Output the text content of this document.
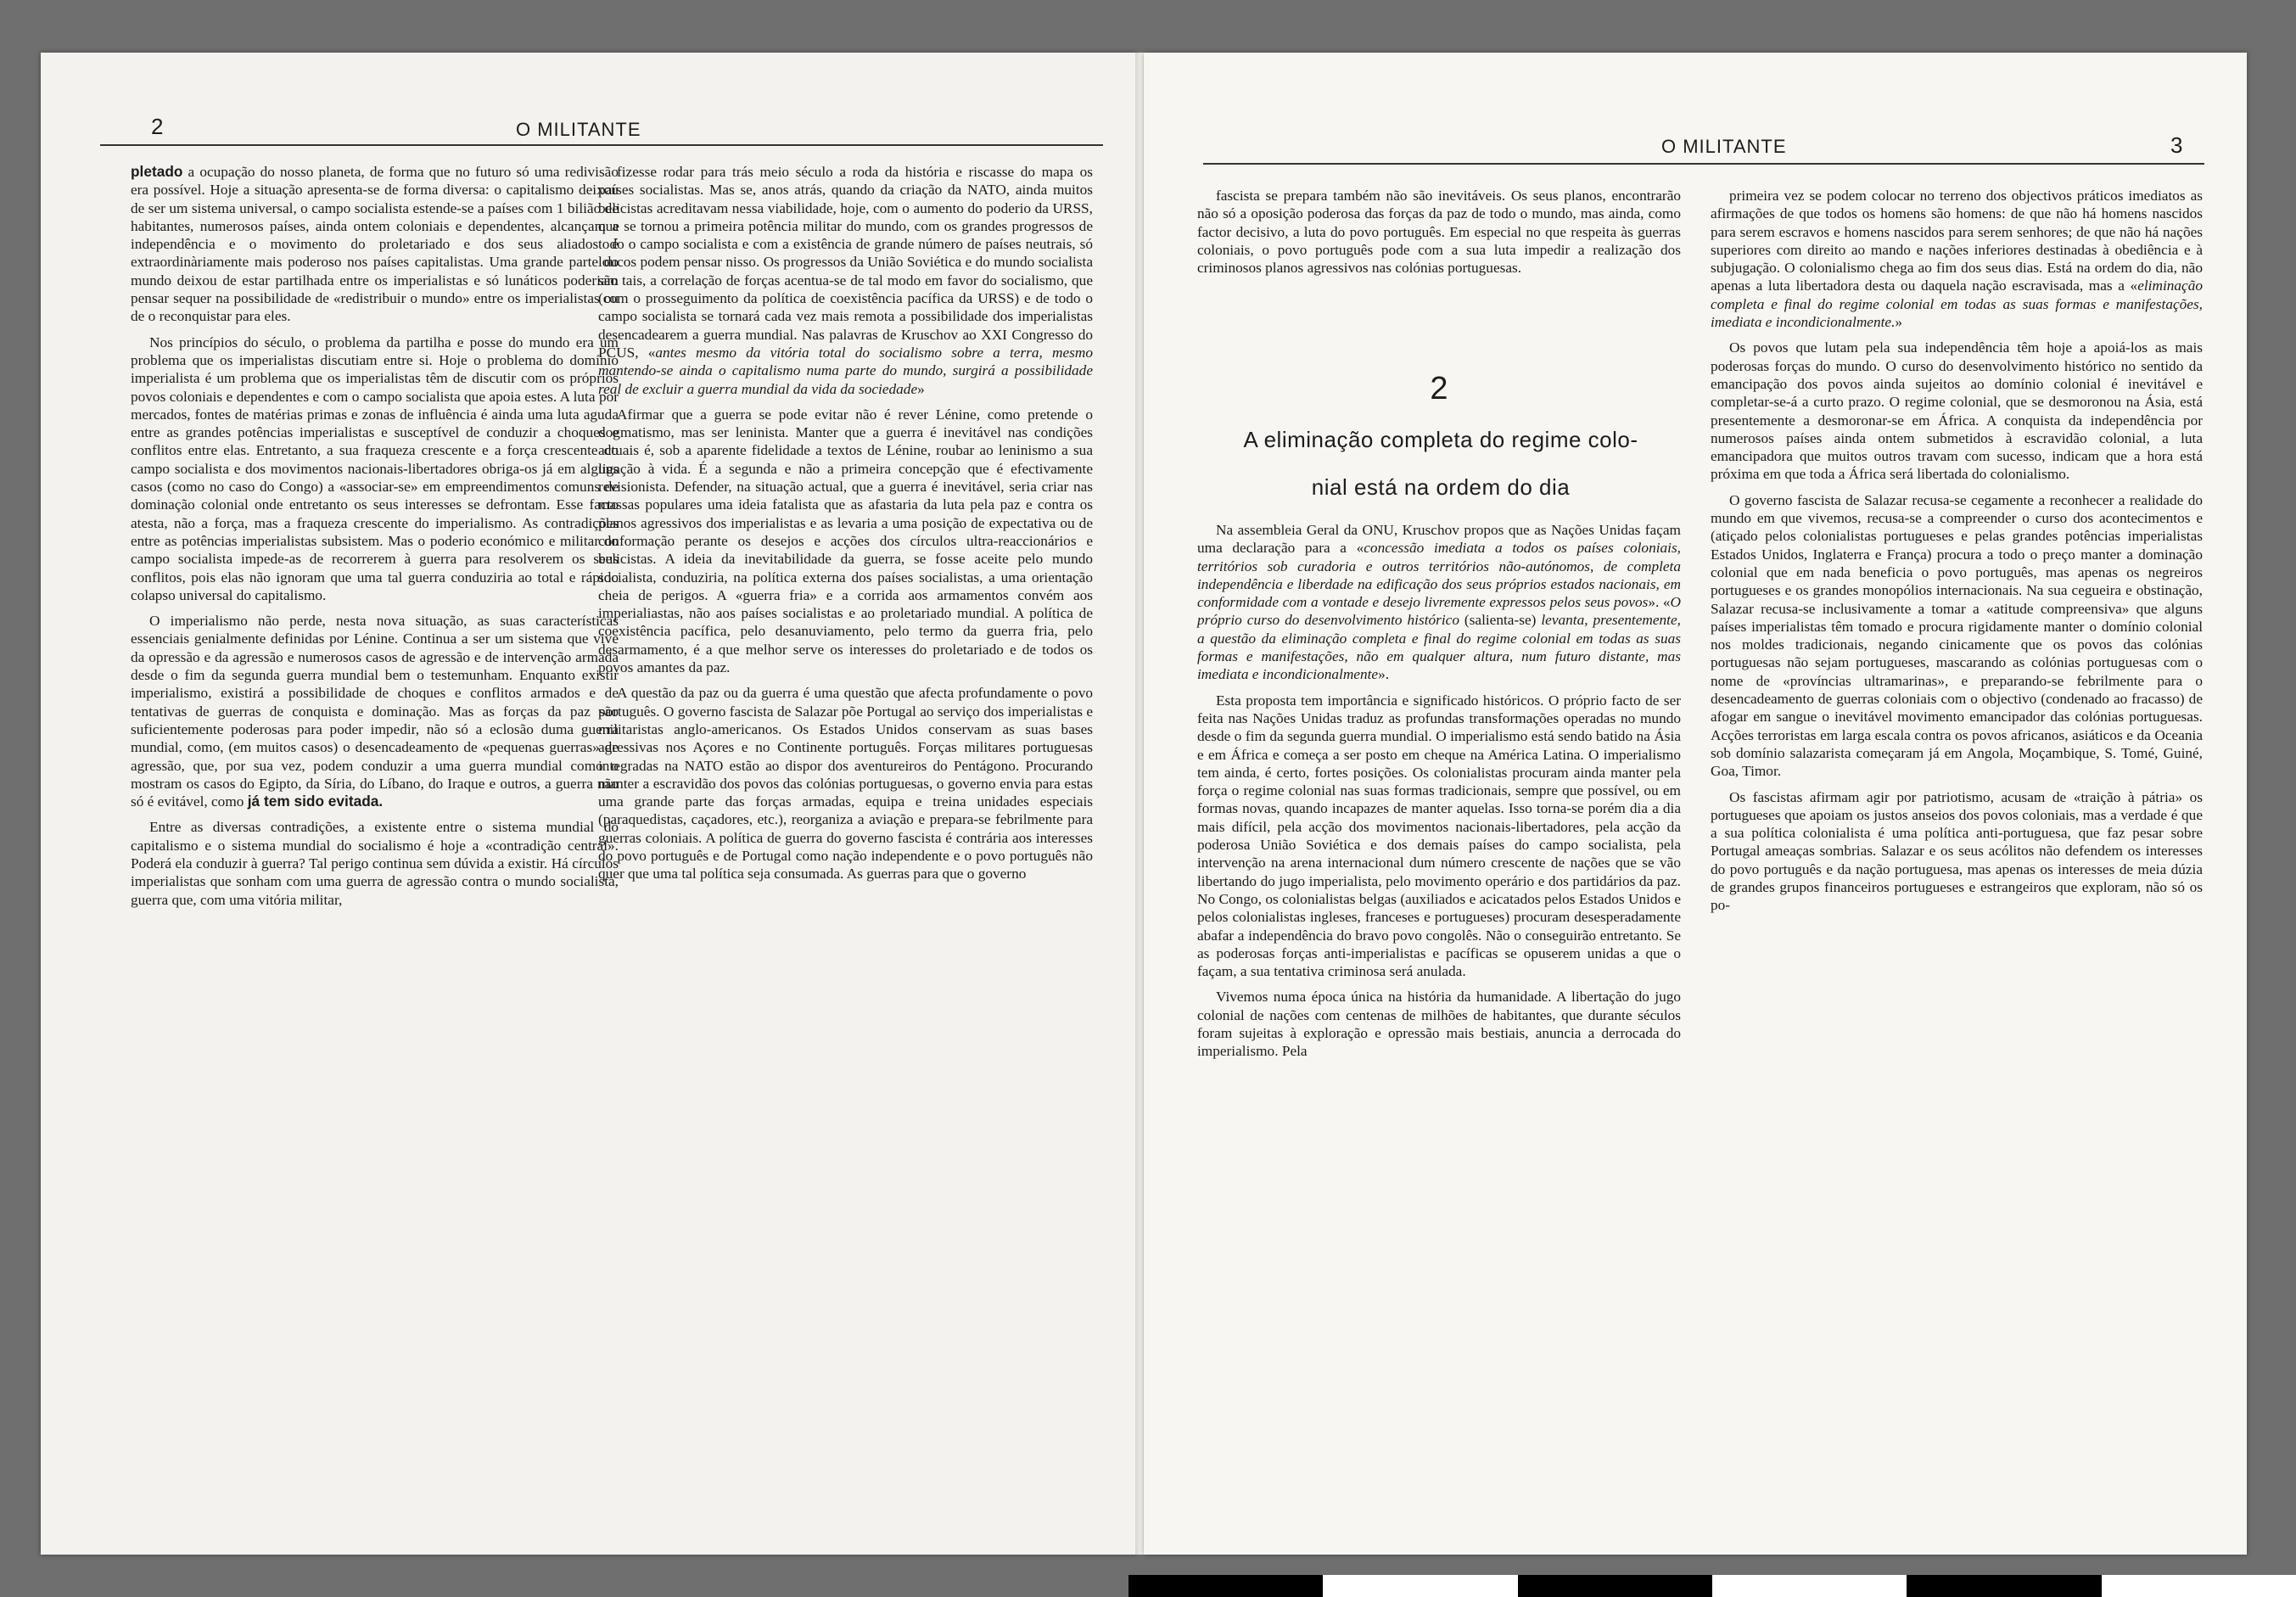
2	O MILITANTE

pletado a ocupação do nosso planeta, de forma que no futuro só uma redivisão era possível. Hoje a situação apresenta-se de forma diversa: o capitalismo deixou de ser um sistema universal, o campo socialista estende-se a países com 1 bilião de habitantes, numerosos países, ainda ontem coloniais e dependentes, alcançam a independência e o movimento do proletariado e dos seus aliados é extraordinàriamente mais poderoso nos países capitalistas. Uma grande parte do mundo deixou de estar partilhada entre os imperialistas e só lunáticos poderiam pensar sequer na possibilidade de «redistribuir o mundo» entre os imperialistas ou de o reconquistar para eles.

Nos princípios do século, o problema da partilha e posse do mundo era um problema que os imperialistas discutiam entre si. Hoje o problema do domínio imperialista é um problema que os imperialistas têm de discutir com os próprios povos coloniais e dependentes e com o campo socialista que apoia estes. A luta por mercados, fontes de matérias primas e zonas de influência é ainda uma luta aguda entre as grandes potências imperialistas e susceptível de conduzir a choques e conflitos entre elas. Entretanto, a sua fraqueza crescente e a força crescente do campo socialista e dos movimentos nacionais-libertadores obriga-os já em alguns casos (como no caso do Congo) a «associar-se» em empreendimentos comuns de dominação colonial onde entretanto os seus interesses se defrontam. Esse facto atesta, não a força, mas a fraqueza crescente do imperialismo. As contradições entre as potências imperialistas subsistem. Mas o poderio económico e militar do campo socialista impede-as de recorrerem à guerra para resolverem os seus conflitos, pois elas não ignoram que uma tal guerra conduziria ao total e rápido colapso universal do capitalismo.

O imperialismo não perde, nesta nova situação, as suas características essenciais genialmente definidas por Lénine. Continua a ser um sistema que vive da opressão e da agressão e numerosos casos de agressão e de intervenção armada desde o fim da segunda guerra mundial bem o testemunham. Enquanto existir imperialismo, existirá a possibilidade de choques e conflitos armados e de tentativas de guerras de conquista e dominação. Mas as forças da paz são suficientemente poderosas para poder impedir, não só a eclosão duma guerra mundial, como, (em muitos casos) o desencadeamento de «pequenas guerras» de agressão, que, por sua vez, podem conduzir a uma guerra mundial como o mostram os casos do Egipto, da Síria, do Líbano, do Iraque e outros, a guerra não só é evitável, como já tem sido evitada.

Entre as diversas contradições, a existente entre o sistema mundial do capitalismo e o sistema mundial do socialismo é hoje a «contradição central». Poderá ela conduzir à guerra? Tal perigo continua sem dúvida a existir. Há círculos imperialistas que sonham com uma guerra de agressão contra o mundo socialista, guerra que, com uma vitória militar,

fizesse rodar para trás meio século a roda da história e riscasse do mapa os países socialistas. Mas se, anos atrás, quando da criação da NATO, ainda muitos belicistas acreditavam nessa viabilidade, hoje, com o aumento do poderio da URSS, que se tornou a primeira potência militar do mundo, com os grandes progressos de todo o campo socialista e com a existência de grande número de países neutrais, só loucos podem pensar nisso. Os progressos da União Soviética e do mundo socialista são tais, a correlação de forças acentua-se de tal modo em favor do socialismo, que (com o prosseguimento da política de coexistência pacífica da URSS) e de todo o campo socialista se tornará cada vez mais remota a possibilidade dos imperialistas desencadearem a guerra mundial. Nas palavras de Kruschov ao XXI Congresso do PCUS, «antes mesmo da vitória total do socialismo sobre a terra, mesmo mantendo-se ainda o capitalismo numa parte do mundo, surgirá a possibilidade real de excluir a guerra mundial da vida da sociedade»

Afirmar que a guerra se pode evitar não é rever Lénine, como pretende o dogmatismo, mas ser leninista. Manter que a guerra é inevitável nas condições actuais é, sob a aparente fidelidade a textos de Lénine, roubar ao leninismo a sua ligação à vida. É a segunda e não a primeira concepção que é efectivamente revisionista. Defender, na situação actual, que a guerra é inevitável, seria criar nas massas populares uma ideia fatalista que as afastaria da luta pela paz e contra os planos agressivos dos imperialistas e as levaria a uma posição de expectativa ou de conformação perante os desejos e acções dos círculos ultra-reaccionários e belicistas. A ideia da inevitabilidade da guerra, se fosse aceite pelo mundo socialista, conduziria, na política externa dos países socialistas, a uma orientação cheia de perigos. A «guerra fria» e a corrida aos armamentos convém aos imperialiastas, não aos países socialistas e ao proletariado mundial. A política de coexistência pacífica, pelo desanuviamento, pelo termo da guerra fria, pelo desarmamento, é a que melhor serve os interesses do proletariado e de todos os povos amantes da paz.

A questão da paz ou da guerra é uma questão que afecta profundamente o povo português. O governo fascista de Salazar põe Portugal ao serviço dos imperialistas e militaristas anglo-americanos. Os Estados Unidos conservam as suas bases agressivas nos Açores e no Continente português. Forças militares portuguesas integradas na NATO estão ao dispor dos aventureiros do Pentágono. Procurando manter a escravidão dos povos das colónias portuguesas, o governo envia para estas uma grande parte das forças armadas, equipa e treina unidades especiais (paraquedistas, caçadores, etc.), reorganiza a aviação e prepara-se febrilmente para guerras coloniais. A política de guerra do governo fascista é contrária aos interesses do povo português e de Portugal como nação independente e o povo português não quer que uma tal política seja consumada. As guerras para que o governo

O MILITANTE	3

fascista se prepara também não são inevitáveis. Os seus planos, encontrarão não só a oposição poderosa das forças da paz de todo o mundo, mas ainda, como factor decisivo, a luta do povo português. Em especial no que respeita às guerras coloniais, o povo português pode com a sua luta impedir a realização dos criminosos planos agressivos nas colónias portuguesas.

2
A eliminação completa do regime colo-
nial está na ordem do dia

Na assembleia Geral da ONU, Kruschov propos que as Nações Unidas façam uma declaração para a «concessão imediata a todos os países coloniais, territórios sob curadoria e outros territórios não-autónomos, de completa independência e liberdade na edificação dos seus próprios estados nacionais, em conformidade com a vontade e desejo livremente expressos pelos seus povos». «O próprio curso do desenvolvimento histórico (salienta-se) levanta, presentemente, a questão da eliminação completa e final do regime colonial em todas as suas formas e manifestações, não em qualquer altura, num futuro distante, mas imediata e incondicionalmente».

Esta proposta tem importância e significado históricos. O próprio facto de ser feita nas Nações Unidas traduz as profundas transformações operadas no mundo desde o fim da segunda guerra mundial. O imperialismo está sendo batido na Ásia e em África e começa a ser posto em cheque na América Latina. O imperialismo tem ainda, é certo, fortes posições. Os colonialistas procuram ainda manter pela força o regime colonial nas suas formas tradicionais, sempre que possível, ou em formas novas, quando incapazes de manter aquelas. Isso torna-se porém dia a dia mais difícil, pela acção dos movimentos nacionais-libertadores, pela acção da poderosa União Soviética e dos demais países do campo socialista, pela intervenção na arena internacional dum número crescente de nações que se vão libertando do jugo imperialista, pelo movimento operário e dos partidários da paz. No Congo, os colonialistas belgas (auxiliados e acicatados pelos Estados Unidos e pelos colonialistas ingleses, franceses e portugueses) procuram desesperadamente abafar a independência do bravo povo congolês. Não o conseguirão entretanto. Se as poderosas forças anti-imperialistas e pacíficas se opuserem unidas a que o façam, a sua tentativa criminosa será anulada.

Vivemos numa época única na história da humanidade. A libertação do jugo colonial de nações com centenas de milhões de habitantes, que durante séculos foram sujeitas à exploração e opressão mais bestiais, anuncia a derrocada do imperialismo. Pela

primeira vez se podem colocar no terreno dos objectivos práticos imediatos as afirmações de que todos os homens são homens: de que não há homens nascidos para serem escravos e homens nascidos para serem senhores; de que não há nações superiores com direito ao mando e nações inferiores destinadas à obediência e à subjugação. O colonialismo chega ao fim dos seus dias. Está na ordem do dia, não apenas a luta libertadora desta ou daquela nação escravisada, mas a «eliminação completa e final do regime colonial em todas as suas formas e manifestações, imediata e incondicionalmente.»

Os povos que lutam pela sua independência têm hoje a apoiá-los as mais poderosas forças do mundo. O curso do desenvolvimento histórico no sentido da emancipação dos povos ainda sujeitos ao domínio colonial é inevitável e completar-se-á a curto prazo. O regime colonial, que se desmoronou na Ásia, está presentemente a desmoronar-se em África. A conquista da independência por numerosos países ainda ontem submetidos à escravidão colonial, a luta emancipadora que muitos outros travam com sucesso, indicam que a hora está próxima em que toda a África será libertada do colonialismo.

O governo fascista de Salazar recusa-se cegamente a reconhecer a realidade do mundo em que vivemos, recusa-se a compreender o curso dos acontecimentos e (atiçado pelos colonialistas portugueses e pelas grandes potências imperialistas Estados Unidos, Inglaterra e França) procura a todo o preço manter a dominação colonial que em nada beneficia o povo português, mas apenas os negreiros portugueses e os grandes monopólios internacionais. Na sua cegueira e obstinação, Salazar recusa-se inclusivamente a tomar a «atitude compreensiva» que alguns países imperialistas têm tomado e procura rigidamente manter o domínio colonial nos moldes tradicionais, negando cinicamente que os povos das colónias portuguesas não sejam portugueses, mascarando as colónias portuguesas com o nome de «províncias ultramarinas», e preparando-se febrilmente para o desencadeamento de guerras coloniais com o objectivo (condenado ao fracasso) de afogar em sangue o inevitável movimento emancipador das colónias portuguesas. Acções terroristas em larga escala contra os povos africanos, asiáticos e da Oceania sob domínio salazarista começaram já em Angola, Moçambique, S. Tomé, Guiné, Goa, Timor.

Os fascistas afirmam agir por patriotismo, acusam de «traição à pátria» os portugueses que apoiam os justos anseios dos povos coloniais, mas a verdade é que a sua política colonialista é uma política anti-portuguesa, que faz pesar sobre Portugal ameaças sombrias. Salazar e os seus acólitos não defendem os interesses do povo português e da nação portuguesa, mas apenas os interesses de meia dúzia de grandes grupos financeiros portugueses e estrangeiros que exploram, não só os po-
